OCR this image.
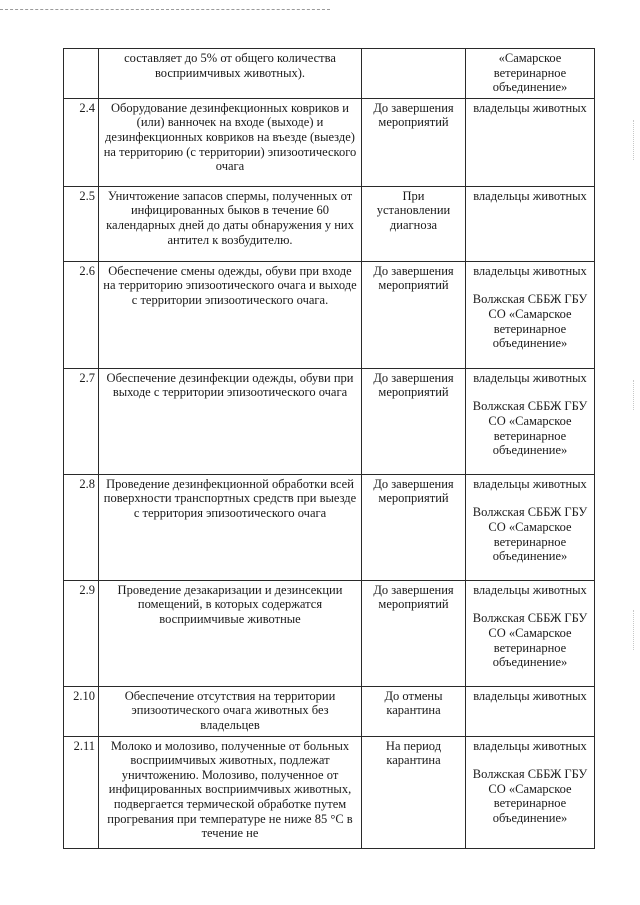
	составляет до 5% от общего количества восприимчивых животных).		«Самарское ветеринарное объединение»

2.4	Оборудование дезинфекционных ковриков и (или) ванночек на входе (выходе) и дезинфекционных ковриков на въезде (выезде) на территорию (с территории) эпизоотического очага	До завершения мероприятий	владельцы животных

2.5	Уничтожение запасов спермы, полученных от инфицированных быков в течение 60 календарных дней до даты обнаружения у них антител к возбудителю.	При установлении диагноза	владельцы животных

2.6	Обеспечение смены одежды, обуви при входе на территорию эпизоотического очага и выходе с территории эпизоотического очага.	До завершения мероприятий	владельцы животных
Волжская СББЖ ГБУ СО «Самарское ветеринарное объединение»

2.7	Обеспечение дезинфекции одежды, обуви при выходе с территории эпизоотического очага	До завершения мероприятий	владельцы животных
Волжская СББЖ ГБУ СО «Самарское ветеринарное объединение»

2.8	Проведение дезинфекционной обработки всей поверхности транспортных средств при выезде с территория эпизоотического очага	До завершения мероприятий	владельцы животных
Волжская СББЖ ГБУ СО «Самарское ветеринарное объединение»

2.9	Проведение дезакаризации и дезинсекции помещений, в которых содержатся восприимчивые животные	До завершения мероприятий	владельцы животных
Волжская СББЖ ГБУ СО «Самарское ветеринарное объединение»

2.10	Обеспечение отсутствия на территории эпизоотического очага животных без владельцев	До отмены карантина	владельцы животных

2.11	Молоко и молозиво, полученные от больных восприимчивых животных, подлежат уничтожению. Молозиво, полученное от инфицированных восприимчивых животных, подвергается термической обработке путем прогревания при температуре не ниже 85 °C в течение не	На период карантина	владельцы животных
Волжская СББЖ ГБУ СО «Самарское ветеринарное объединение»
